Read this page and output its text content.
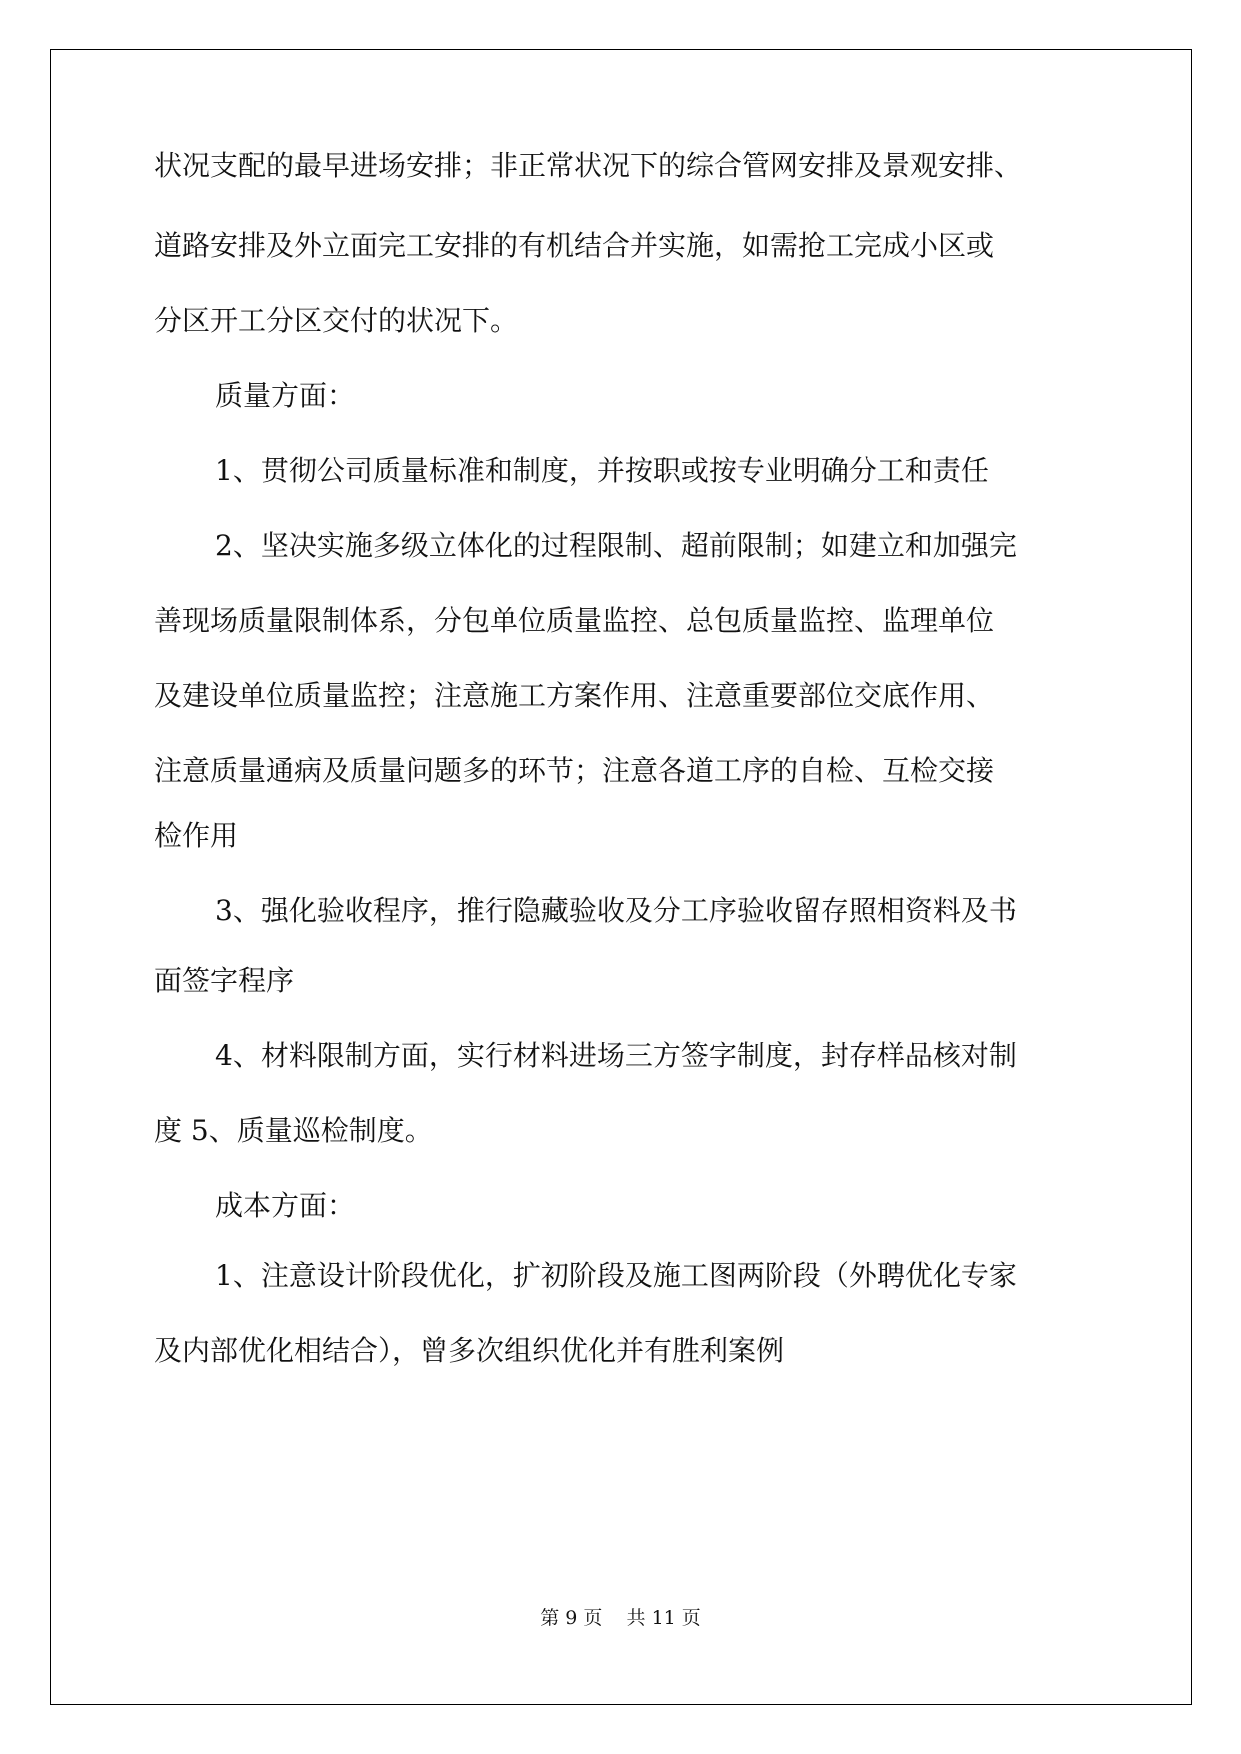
状况支配的最早进场安排；非正常状况下的综合管网安排及景观安排、

道路安排及外立面完工安排的有机结合并实施，如需抢工完成小区或

分区开工分区交付的状况下。

质量方面：

1、贯彻公司质量标准和制度，并按职或按专业明确分工和责任

2、坚决实施多级立体化的过程限制、超前限制；如建立和加强完

善现场质量限制体系，分包单位质量监控、总包质量监控、监理单位

及建设单位质量监控；注意施工方案作用、注意重要部位交底作用、

注意质量通病及质量问题多的环节；注意各道工序的自检、互检交接

检作用

3、强化验收程序，推行隐藏验收及分工序验收留存照相资料及书

面签字程序

4、材料限制方面，实行材料进场三方签字制度，封存样品核对制

度 5、质量巡检制度。

成本方面：

1、注意设计阶段优化，扩初阶段及施工图两阶段（外聘优化专家

及内部优化相结合），曾多次组织优化并有胜利案例

第 9 页    共 11 页
